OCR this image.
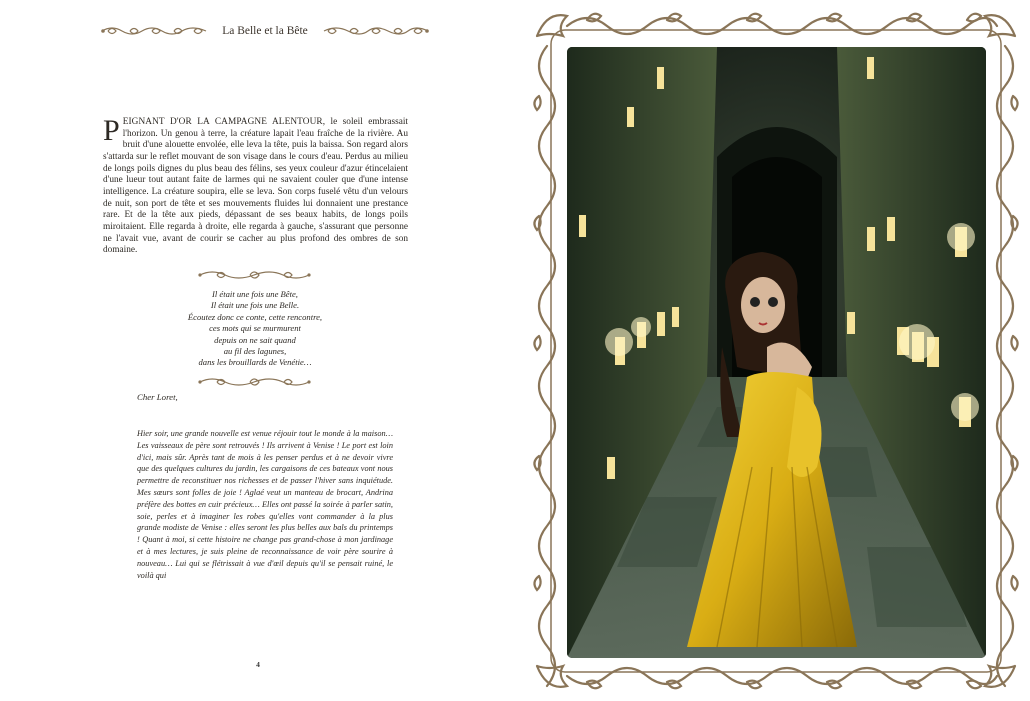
La Belle et la Bête
PEIGNANT D'OR LA CAMPAGNE ALENTOUR, le soleil embrassait l'horizon. Un genou à terre, la créature lapait l'eau fraîche de la rivière. Au bruit d'une alouette envolée, elle leva la tête, puis la baissa. Son regard alors s'attarda sur le reflet mouvant de son visage dans le cours d'eau. Perdus au milieu de longs poils dignes du plus beau des félins, ses yeux couleur d'azur étincelaient d'une lueur tout autant faite de larmes qui ne savaient couler que d'une intense intelligence. La créature soupira, elle se leva. Son corps fuselé vêtu d'un velours de nuit, son port de tête et ses mouvements fluides lui donnaient une prestance rare. Et de la tête aux pieds, dépassant de ses beaux habits, de longs poils miroitaient. Elle regarda à droite, elle regarda à gauche, s'assurant que personne ne l'avait vue, avant de courir se cacher au plus profond des ombres de son domaine.
Il était une fois une Bête,
Il était une fois une Belle.
Écoutez donc ce conte, cette rencontre,
ces mots qui se murmurent
depuis on ne sait quand
au fil des lagunes,
dans les brouillards de Venétie…
Cher Loret,
Hier soir, une grande nouvelle est venue réjouir tout le monde à la maison… Les vaisseaux de père sont retrouvés ! Ils arrivent à Venise ! Le port est loin d'ici, mais sûr. Après tant de mois à les penser perdus et à ne devoir vivre que des quelques cultures du jardin, les cargaisons de ces bateaux vont nous permettre de reconstituer nos richesses et de passer l'hiver sans inquiétude. Mes sœurs sont folles de joie ! Aglaé veut un manteau de brocart, Andrina préfère des bottes en cuir précieux… Elles ont passé la soirée à parler satin, soie, perles et à imaginer les robes qu'elles vont commander à la plus grande modiste de Venise : elles seront les plus belles aux bals du printemps ! Quant à moi, si cette histoire ne change pas grand-chose à mon jardinage et à mes lectures, je suis pleine de reconnaissance de voir père sourire à nouveau… Lui qui se flétrissait à vue d'œil depuis qu'il se pensait ruiné, le voilà qui
4
